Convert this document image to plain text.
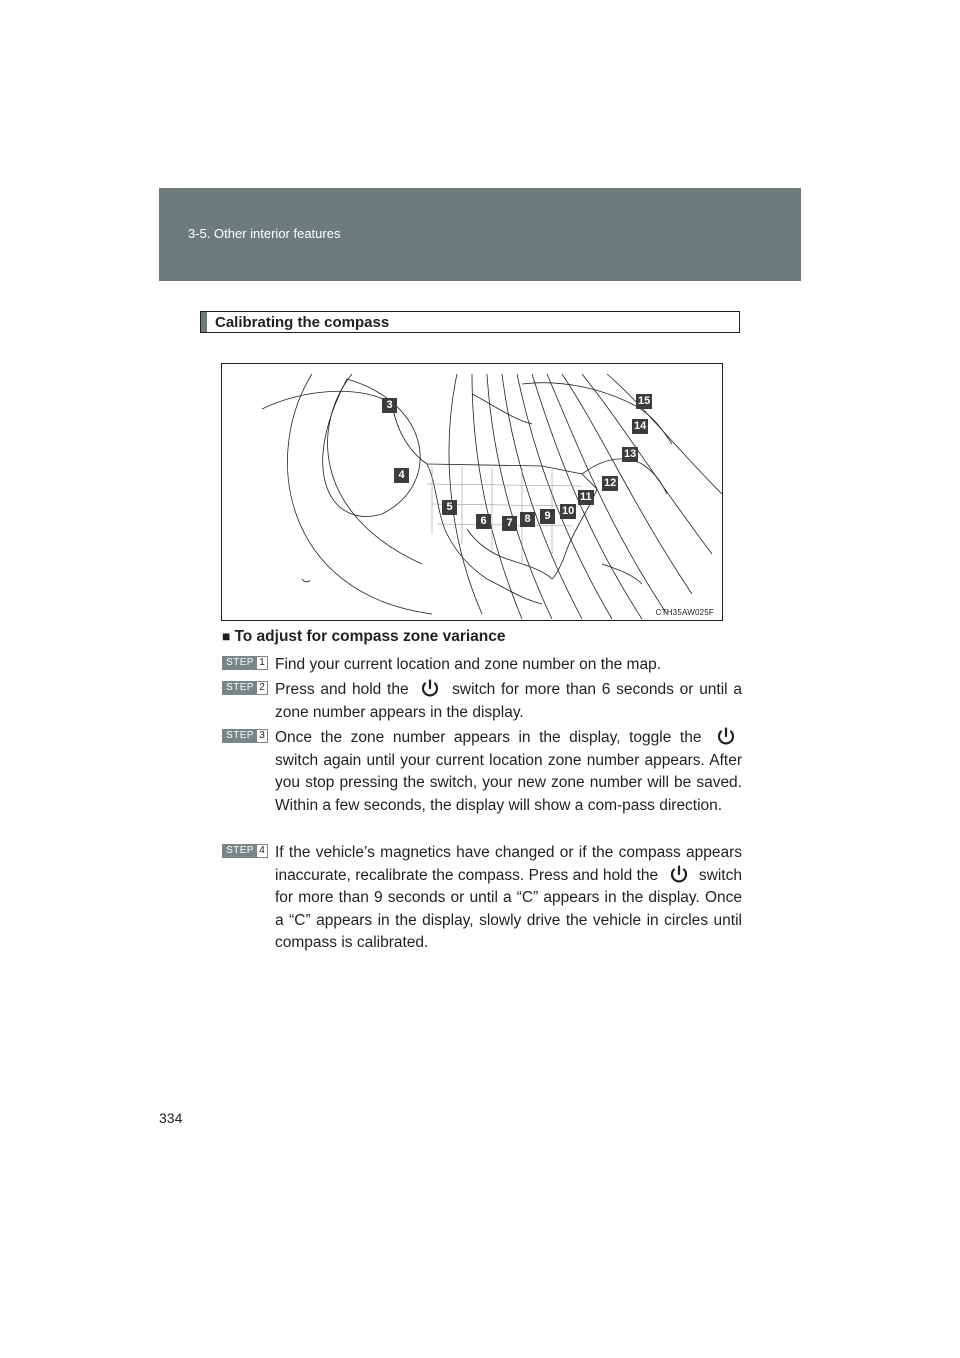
3-5. Other interior features
Calibrating the compass
3
4
5
6	7	8	9	10
11
12
13
14
15
CTH35AW025F
■ To adjust for compass zone variance
STEP 1 Find your current location and zone number on the map.
STEP 2 Press and hold the	switch for more than 6 seconds or until a zone number appears in the display.
STEP 3 Once the zone number appears in the display, toggle the  switch again until your current location zone number appears. After you stop pressing the switch, your new zone number will be saved. Within a few seconds, the display will show a com-pass direction.
STEP 4 If the vehicle’s magnetics have changed or if the compass appears inaccurate, recalibrate the compass. Press and hold the	switch for more than 9 seconds or until a “C” appears in the display. Once a “C” appears in the display, slowly drive the vehicle in circles until compass is calibrated.
334
